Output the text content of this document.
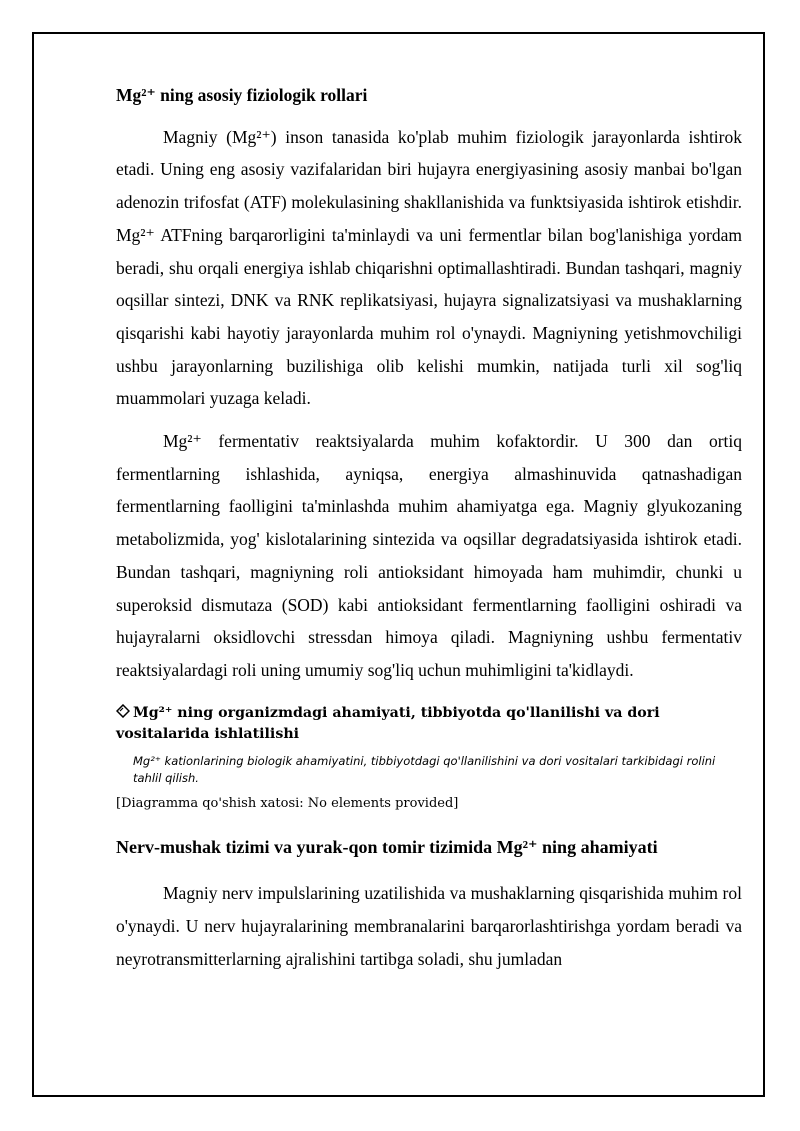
Mg²⁺ ning asosiy fiziologik rollari

Magniy (Mg²⁺) inson tanasida ko'plab muhim fiziologik jarayonlarda ishtirok etadi. Uning eng asosiy vazifalaridan biri hujayra energiyasining asosiy manbai bo'lgan adenozin trifosfat (ATF) molekulasining shakllanishida va funktsiyasida ishtirok etishdir. Mg²⁺ ATFning barqarorligini ta'minlaydi va uni fermentlar bilan bog'lanishiga yordam beradi, shu orqali energiya ishlab chiqarishni optimallashtiradi. Bundan tashqari, magniy oqsillar sintezi, DNK va RNK replikatsiyasi, hujayra signalizatsiyasi va mushaklarning qisqarishi kabi hayotiy jarayonlarda muhim rol o'ynaydi. Magniyning yetishmovchiligi ushbu jarayonlarning buzilishiga olib kelishi mumkin, natijada turli xil sog'liq muammolari yuzaga keladi.

Mg²⁺ fermentativ reaktsiyalarda muhim kofaktordir. U 300 dan ortiq fermentlarning ishlashida, ayniqsa, energiya almashinuvida qatnashadigan fermentlarning faolligini ta'minlashda muhim ahamiyatga ega. Magniy glyukozaning metabolizmida, yog' kislotalarining sintezida va oqsillar degradatsiyasida ishtirok etadi. Bundan tashqari, magniyning roli antioksidant himoyada ham muhimdir, chunki u superoksid dismutaza (SOD) kabi antioksidant fermentlarning faolligini oshiradi va hujayralarni oksidlovchi stressdan himoya qiladi. Magniyning ushbu fermentativ reaktsiyalardagi roli uning umumiy sog'liq uchun muhimligini ta'kidlaydi.

Mg²⁺ ning organizmdagi ahamiyati, tibbiyotda qo'llanilishi va dori vositalarida ishlatilishi
Mg²⁺ kationlarining biologik ahamiyatini, tibbiyotdagi qo'llanilishini va dori vositalari tarkibidagi rolini tahlil qilish.
[Diagramma qo'shish xatosi: No elements provided]
Nerv-mushak tizimi va yurak-qon tomir tizimida Mg²⁺ ning ahamiyati

Magniy nerv impulslarining uzatilishida va mushaklarning qisqarishida muhim rol o'ynaydi. U nerv hujayralarining membranalarini barqarorlashtirishga yordam beradi va neyrotransmitterlarning ajralishini tartibga soladi, shu jumladan
